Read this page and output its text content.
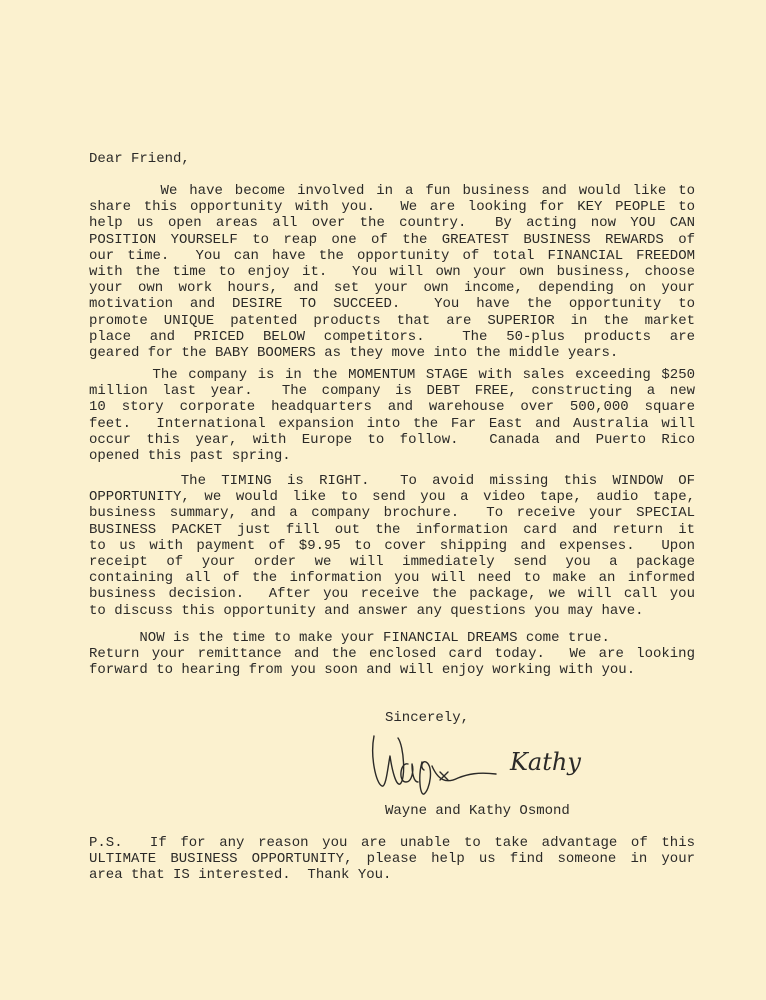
Dear Friend,
We have become involved in a fun business and would like to
share this opportunity with you.  We are looking for KEY PEOPLE to
help us open areas all over the country.  By acting now YOU CAN
POSITION YOURSELF to reap one of the GREATEST BUSINESS REWARDS of
our time.  You can have the opportunity of total FINANCIAL FREEDOM
with the time to enjoy it.  You will own your own business, choose
your own work hours, and set your own income, depending on your
motivation and DESIRE TO SUCCEED.  You have the opportunity to
promote UNIQUE patented products that are SUPERIOR in the market
place and PRICED BELOW competitors.  The 50-plus products are
geared for the BABY BOOMERS as they move into the middle years.
The company is in the MOMENTUM STAGE with sales exceeding $250
million last year.  The company is DEBT FREE, constructing a new
10 story corporate headquarters and warehouse over 500,000 square
feet.  International expansion into the Far East and Australia will
occur this year, with Europe to follow.  Canada and Puerto Rico
opened this past spring.
The TIMING is RIGHT.  To avoid missing this WINDOW OF
OPPORTUNITY, we would like to send you a video tape, audio tape,
business summary, and a company brochure.  To receive your SPECIAL
BUSINESS PACKET just fill out the information card and return it
to us with payment of $9.95 to cover shipping and expenses.  Upon
receipt of your order we will immediately send you a package
containing all of the information you will need to make an informed
business decision.  After you receive the package, we will call you
to discuss this opportunity and answer any questions you may have.
NOW is the time to make your FINANCIAL DREAMS come true.
Return your remittance and the enclosed card today.  We are looking
forward to hearing from you soon and will enjoy working with you.
Sincerely,
Kathy
Wayne and Kathy Osmond
P.S.  If for any reason you are unable to take advantage of this
ULTIMATE BUSINESS OPPORTUNITY, please help us find someone in your
area that IS interested.  Thank You.
